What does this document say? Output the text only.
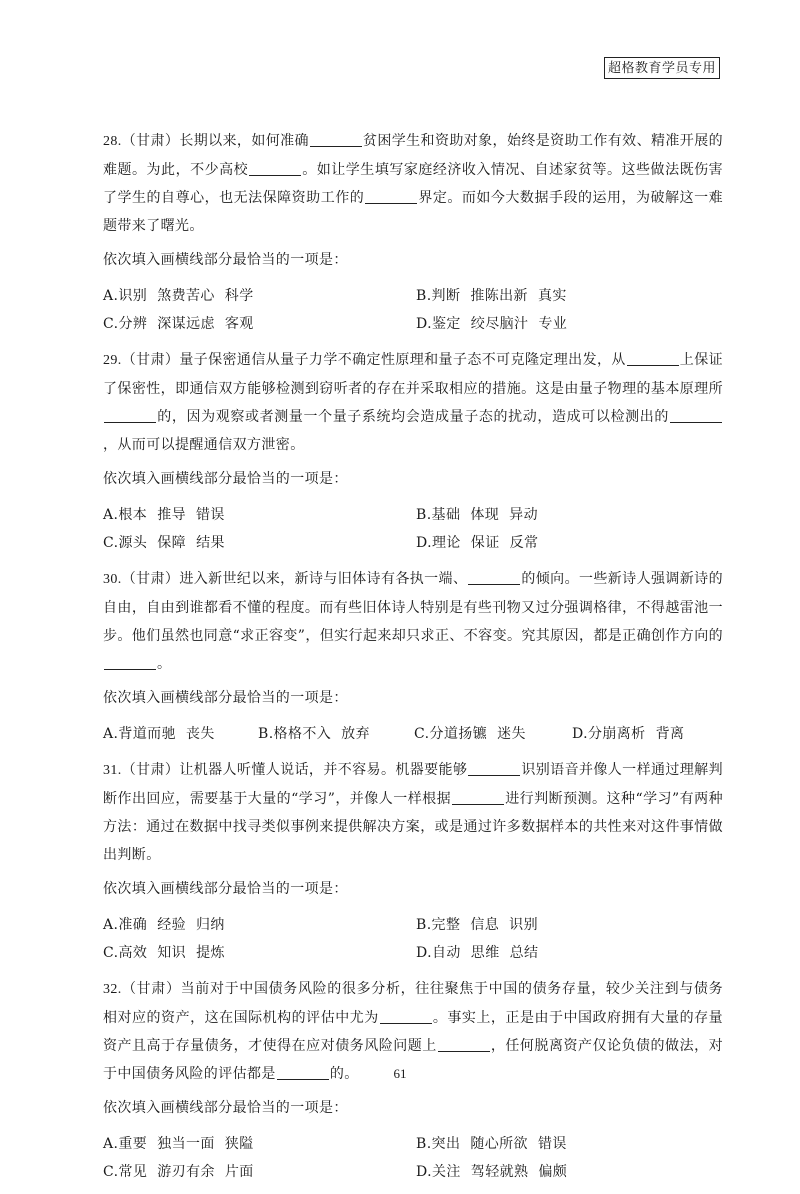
超格教育学员专用

28.（甘肃）长期以来，如何准确	贫困学生和资助对象，始终是资助工作有效、精准开展的难题。为此，不少高校	。如让学生填写家庭经济收入情况、自述家贫等。这些做法既伤害了学生的自尊心，也无法保障资助工作的	界定。而如今大数据手段的运用，为破解这一难题带来了曙光。

依次填入画横线部分最恰当的一项是：
A.识别 煞费苦心 科学	B.判断 推陈出新 真实
C.分辨 深谋远虑 客观	D.鉴定 绞尽脑汁 专业

29.（甘肃）量子保密通信从量子力学不确定性原理和量子态不可克隆定理出发，从	上保证了保密性，即通信双方能够检测到窃听者的存在并采取相应的措施。这是由量子物理的基本原理所的，因为观察或者测量一个量子系统均会造成量子态的扰动，造成可以检测出的，从而可以提醒通信双方泄密。

依次填入画横线部分最恰当的一项是：
A.根本 推导 错误	B.基础 体现 异动
C.源头 保障 结果	D.理论 保证 反常

30.（甘肃）进入新世纪以来，新诗与旧体诗有各执一端、	的倾向。一些新诗人强调新诗的自由，自由到谁都看不懂的程度。而有些旧体诗人特别是有些刊物又过分强调格律，不得越雷池一步。他们虽然也同意“求正容变”，但实行起来却只求正、不容变。究其原因，都是正确创作方向的。

依次填入画横线部分最恰当的一项是：
A.背道而驰 丧失	B.格格不入 放弃	C.分道扬镳 迷失	D.分崩离析 背离

31.（甘肃）让机器人听懂人说话，并不容易。机器要能够	识别语音并像人一样通过理解判断作出回应，需要基于大量的“学习”，并像人一样根据	进行判断预测。这种“学习”有两种方法：通过在数据中找寻类似事例来提供解决方案，或是通过许多数据样本的共性来对这件事情做出判断。

依次填入画横线部分最恰当的一项是：
A.准确 经验 归纳	B.完整 信息 识别
C.高效 知识 提炼	D.自动 思维 总结

32.（甘肃）当前对于中国债务风险的很多分析，往往聚焦于中国的债务存量，较少关注到与债务相对应的资产，这在国际机构的评估中尤为	。事实上，正是由于中国政府拥有大量的存量资产且高于存量债务，才使得在应对债务风险问题上	，任何脱离资产仅论负债的做法，对于中国债务风险的评估都是	的。

依次填入画横线部分最恰当的一项是：
A.重要 独当一面 狭隘	B.突出 随心所欲 错误
C.常见 游刃有余 片面	D.关注 驾轻就熟 偏颇
61
